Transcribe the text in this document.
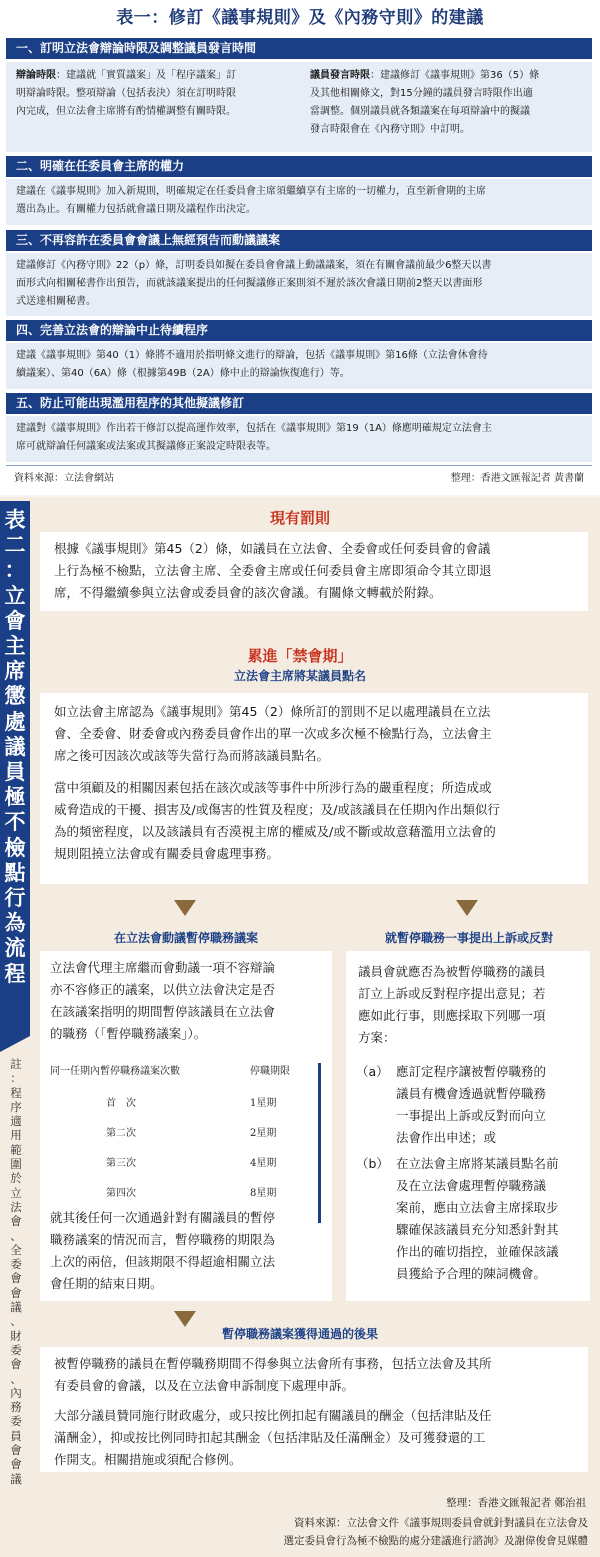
表一：修訂《議事規則》及《內務守則》的建議
一、訂明立法會辯論時限及調整議員發言時間
辯論時限：建議就「實質議案」及「程序議案」訂
明辯論時限。整項辯論（包括表決）須在訂明時限
內完成，但立法會主席將有酌情權調整有關時限。
議員發言時限：建議修訂《議事規則》第36（5）條
及其他相關條文，對15分鐘的議員發言時限作出適
當調整。個別議員就各類議案在每項辯論中的擬議
發言時限會在《內務守則》中訂明。
二、明確在任委員會主席的權力
建議在《議事規則》加入新規則，明確規定在任委員會主席須繼續享有主席的一切權力，直至新會期的主席
選出為止。有關權力包括就會議日期及議程作出決定。
三、不再容許在委員會會議上無經預告而動議議案
建議修訂《內務守則》22（p）條，訂明委員如擬在委員會會議上動議議案，須在有關會議前最少6整天以書
面形式向相關秘書作出預告，而就該議案提出的任何擬議修正案則須不遲於該次會議日期前2整天以書面形
式送達相關秘書。
四、完善立法會的辯論中止待續程序
建議《議事規則》第40（1）條將不適用於指明條文進行的辯論，包括《議事規則》第16條（立法會休會待
續議案）、第40（6A）條（根據第49B（2A）條中止的辯論恢復進行）等。
五、防止可能出現濫用程序的其他擬議修訂
建議對《議事規則》作出若干修訂以提高運作效率，包括在《議事規則》第19（1A）條應明確規定立法會主
席可就辯論任何議案或法案或其擬議修正案設定時限表等。
資料來源：立法會網站	整理：香港文匯報記者 黃書蘭
表
二
：
立
會
主
席
懲
處
議
員
極
不
檢
點
行
為
流
程
註
：
程
序
適
用
範
圍
於
立
法
會
、
全
委
會
會
議
、
財
委
會
、
內
務
委
員
會
會
議
現有罰則
根據《議事規則》第45（2）條，如議員在立法會、全委會或任何委員會的會議
上行為極不檢點，立法會主席、全委會主席或任何委員會主席即須命令其立即退
席，不得繼續參與立法會或委員會的該次會議。有關條文轉載於附錄。
累進「禁會期」
立法會主席將某議員點名
如立法會主席認為《議事規則》第45（2）條所訂的罰則不足以處理議員在立法
會、全委會、財委會或內務委員會作出的單一次或多次極不檢點行為，立法會主
席之後可因該次或該等失當行為而將該議員點名。
當中須顧及的相關因素包括在該次或該等事件中所涉行為的嚴重程度；所造成或
威脅造成的干擾、損害及/或傷害的性質及程度；及/或該議員在任期內作出類似行
為的頻密程度，以及該議員有否漠視主席的權威及/或不斷或故意藉濫用立法會的
規則阻撓立法會或有關委員會處理事務。
在立法會動議暫停職務議案
立法會代理主席繼而會動議一項不容辯論
亦不容修正的議案，以供立法會決定是否
在該議案指明的期間暫停該議員在立法會
的職務（「暫停職務議案」）。
同一任期內暫停職務議案次數	停職期限
首　次	1星期
第二次	2星期
第三次	4星期
第四次	8星期
就其後任何一次通過針對有關議員的暫停
職務議案的情況而言，暫停職務的期限為
上次的兩倍，但該期限不得超逾相關立法
會任期的結束日期。
就暫停職務一事提出上訴或反對
議員會就應否為被暫停職務的議員
訂立上訴或反對程序提出意見；若
應如此行事，則應採取下列哪一項
方案：
（a） 應訂定程序讓被暫停職務的
議員有機會透過就暫停職務
一事提出上訴或反對而向立
法會作出申述；或
（b） 在立法會主席將某議員點名前
及在立法會處理暫停職務議
案前，應由立法會主席採取步
驟確保該議員充分知悉針對其
作出的確切指控，並確保該議
員獲給予合理的陳詞機會。
暫停職務議案獲得通過的後果
被暫停職務的議員在暫停職務期間不得參與立法會所有事務，包括立法會及其所
有委員會的會議，以及在立法會申訴制度下處理申訴。
大部分議員贊同施行財政處分，或只按比例扣起有關議員的酬金（包括津貼及任
滿酬金），抑或按比例同時扣起其酬金（包括津貼及任滿酬金）及可獲發還的工
作開支。相關措施或須配合修例。
整理：香港文匯報記者 鄭治祖
資料來源：立法會文件《議事規則委員會就針對議員在立法會及
選定委員會行為極不檢點的處分建議進行諮詢》及謝偉俊會見媒體
